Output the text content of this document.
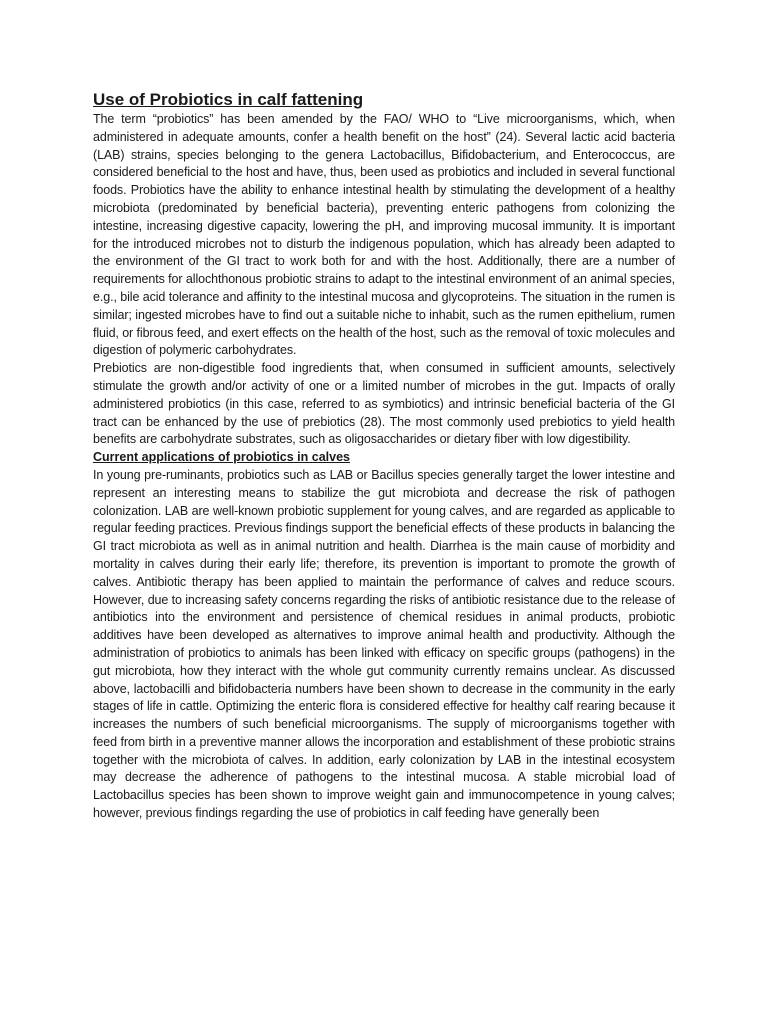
Use of Probiotics in calf fattening

The term “probiotics” has been amended by the FAO/ WHO to “Live microorganisms, which, when administered in adequate amounts, confer a health benefit on the host” (24). Several lactic acid bacteria (LAB) strains, species belonging to the genera Lactobacillus, Bifidobacterium, and Enterococcus, are considered beneficial to the host and have, thus, been used as probiotics and included in several functional foods. Probiotics have the ability to enhance intestinal health by stimulating the development of a healthy microbiota (predominated by beneficial bacteria), preventing enteric pathogens from colonizing the intestine, increasing digestive capacity, lowering the pH, and improving mucosal immunity. It is important for the introduced microbes not to disturb the indigenous population, which has already been adapted to the environment of the GI tract to work both for and with the host. Additionally, there are a number of requirements for allochthonous probiotic strains to adapt to the intestinal environment of an animal species, e.g., bile acid tolerance and affinity to the intestinal mucosa and glycoproteins. The situation in the rumen is similar; ingested microbes have to find out a suitable niche to inhabit, such as the rumen epithelium, rumen fluid, or fibrous feed, and exert effects on the health of the host, such as the removal of toxic molecules and digestion of polymeric carbohydrates.

Prebiotics are non-digestible food ingredients that, when consumed in sufficient amounts, selectively stimulate the growth and/or activity of one or a limited number of microbes in the gut. Impacts of orally administered probiotics (in this case, referred to as symbiotics) and intrinsic beneficial bacteria of the GI tract can be enhanced by the use of prebiotics (28). The most commonly used prebiotics to yield health benefits are carbohydrate substrates, such as oligosaccharides or dietary fiber with low digestibility.

Current applications of probiotics in calves

In young pre-ruminants, probiotics such as LAB or Bacillus species generally target the lower intestine and represent an interesting means to stabilize the gut microbiota and decrease the risk of pathogen colonization. LAB are well-known probiotic supplement for young calves, and are regarded as applicable to regular feeding practices. Previous findings support the beneficial effects of these products in balancing the GI tract microbiota as well as in animal nutrition and health. Diarrhea is the main cause of morbidity and mortality in calves during their early life; therefore, its prevention is important to promote the growth of calves. Antibiotic therapy has been applied to maintain the performance of calves and reduce scours. However, due to increasing safety concerns regarding the risks of antibiotic resistance due to the release of antibiotics into the environment and persistence of chemical residues in animal products, probiotic additives have been developed as alternatives to improve animal health and productivity. Although the administration of probiotics to animals has been linked with efficacy on specific groups (pathogens) in the gut microbiota, how they interact with the whole gut community currently remains unclear. As discussed above, lactobacilli and bifidobacteria numbers have been shown to decrease in the community in the early stages of life in cattle. Optimizing the enteric flora is considered effective for healthy calf rearing because it increases the numbers of such beneficial microorganisms. The supply of microorganisms together with feed from birth in a preventive manner allows the incorporation and establishment of these probiotic strains together with the microbiota of calves. In addition, early colonization by LAB in the intestinal ecosystem may decrease the adherence of pathogens to the intestinal mucosa. A stable microbial load of Lactobacillus species has been shown to improve weight gain and immunocompetence in young calves; however, previous findings regarding the use of probiotics in calf feeding have generally been
